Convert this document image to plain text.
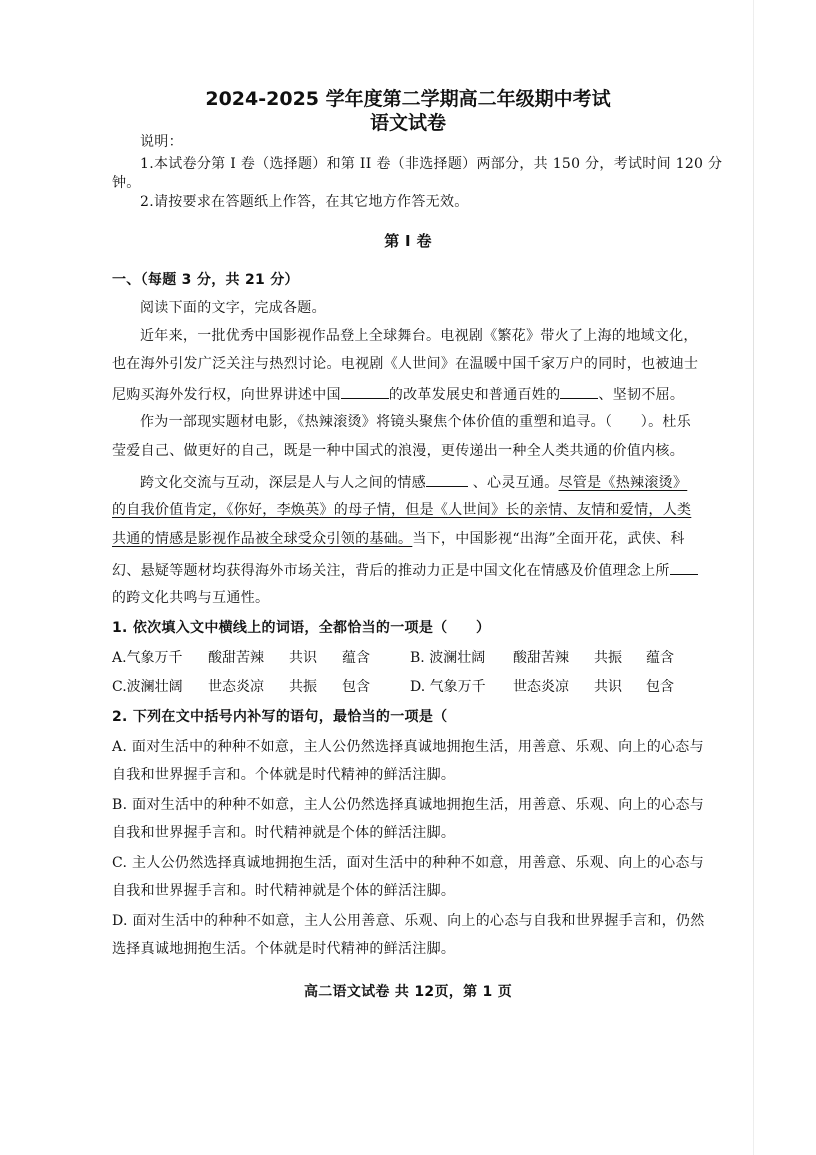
2024-2025 学年度第二学期高二年级期中考试
语文试卷
说明：
1.本试卷分第 I 卷（选择题）和第 II 卷（非选择题）两部分，共 150 分，考试时间 120 分
钟。
2.请按要求在答题纸上作答，在其它地方作答无效。
第 I 卷
一、（每题 3 分，共 21 分）
阅读下面的文字，完成各题。
近年来，一批优秀中国影视作品登上全球舞台。电视剧《繁花》带火了上海的地域文化，
也在海外引发广泛关注与热烈讨论。电视剧《人世间》在温暖中国千家万户的同时，也被迪士
尼购买海外发行权，向世界讲述中国	的改革发展史和普通百姓的	、坚韧不屈。
作为一部现实题材电影，《热辣滚烫》将镜头聚焦个体价值的重塑和追寻。（　　）。杜乐
莹爱自己、做更好的自己，既是一种中国式的浪漫，更传递出一种全人类共通的价值内核。
跨文化交流与互动，深层是人与人之间的情感	、心灵互通。尽管是《热辣滚烫》
的自我价值肯定，《你好，李焕英》的母子情，但是《人世间》长的亲情、友情和爱情，人类
共通的情感是影视作品被全球受众引领的基础。当下，中国影视“出海”全面开花，武侠、科
幻、悬疑等题材均获得海外市场关注，背后的推动力正是中国文化在情感及价值理念上所
的跨文化共鸣与互通性。
1. 依次填入文中横线上的词语，全都恰当的一项是（　　）
A.气象万千 酸甜苦辣 共识 蕴含	B. 波澜壮阔 酸甜苦辣 共振 蕴含
C.波澜壮阔 世态炎凉 共振 包含	D. 气象万千 世态炎凉 共识 包含
2. 下列在文中括号内补写的语句，最恰当的一项是（
A. 面对生活中的种种不如意，主人公仍然选择真诚地拥抱生活，用善意、乐观、向上的心态与
自我和世界握手言和。个体就是时代精神的鲜活注脚。
B. 面对生活中的种种不如意，主人公仍然选择真诚地拥抱生活，用善意、乐观、向上的心态与
自我和世界握手言和。时代精神就是个体的鲜活注脚。
C. 主人公仍然选择真诚地拥抱生活，面对生活中的种种不如意，用善意、乐观、向上的心态与
自我和世界握手言和。时代精神就是个体的鲜活注脚。
D. 面对生活中的种种不如意，主人公用善意、乐观、向上的心态与自我和世界握手言和，仍然
选择真诚地拥抱生活。个体就是时代精神的鲜活注脚。
高二语文试卷 共 12页，第 1 页
